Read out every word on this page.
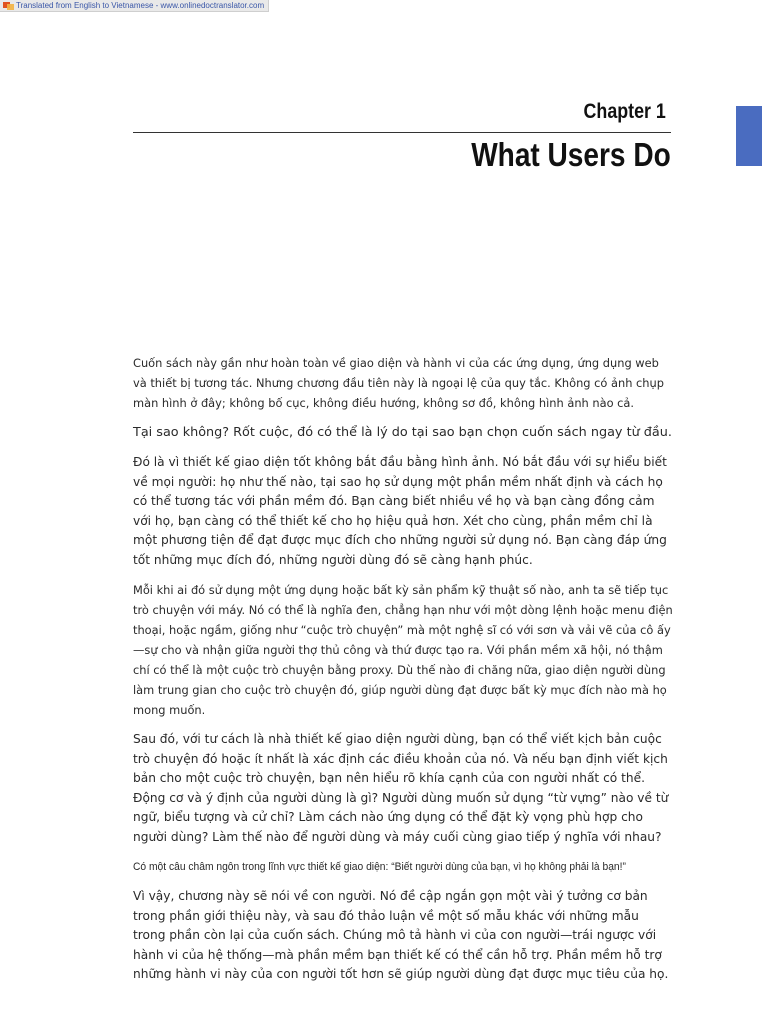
Translated from English to Vietnamese - www.onlinedoctranslator.com
Chapter 1
What Users Do

Cuốn sách này gần như hoàn toàn về giao diện và hành vi của các ứng dụng, ứng dụng web và thiết bị tương tác. Nhưng chương đầu tiên này là ngoại lệ của quy tắc. Không có ảnh chụp màn hình ở đây; không bố cục, không điều hướng, không sơ đồ, không hình ảnh nào cả.

Tại sao không? Rốt cuộc, đó có thể là lý do tại sao bạn chọn cuốn sách ngay từ đầu.

Đó là vì thiết kế giao diện tốt không bắt đầu bằng hình ảnh. Nó bắt đầu với sự hiểu biết về mọi người: họ như thế nào, tại sao họ sử dụng một phần mềm nhất định và cách họ có thể tương tác với phần mềm đó. Bạn càng biết nhiều về họ và bạn càng đồng cảm với họ, bạn càng có thể thiết kế cho họ hiệu quả hơn. Xét cho cùng, phần mềm chỉ là một phương tiện để đạt được mục đích cho những người sử dụng nó. Bạn càng đáp ứng tốt những mục đích đó, những người dùng đó sẽ càng hạnh phúc.

Mỗi khi ai đó sử dụng một ứng dụng hoặc bất kỳ sản phẩm kỹ thuật số nào, anh ta sẽ tiếp tục trò chuyện với máy. Nó có thể là nghĩa đen, chẳng hạn như với một dòng lệnh hoặc menu điện thoại, hoặc ngầm, giống như “cuộc trò chuyện” mà một nghệ sĩ có với sơn và vải vẽ của cô ấy—sự cho và nhận giữa người thợ thủ công và thứ được tạo ra. Với phần mềm xã hội, nó thậm chí có thể là một cuộc trò chuyện bằng proxy. Dù thế nào đi chăng nữa, giao diện người dùng làm trung gian cho cuộc trò chuyện đó, giúp người dùng đạt được bất kỳ mục đích nào mà họ mong muốn.

Sau đó, với tư cách là nhà thiết kế giao diện người dùng, bạn có thể viết kịch bản cuộc trò chuyện đó hoặc ít nhất là xác định các điều khoản của nó. Và nếu bạn định viết kịch bản cho một cuộc trò chuyện, bạn nên hiểu rõ khía cạnh của con người nhất có thể. Động cơ và ý định của người dùng là gì? Người dùng muốn sử dụng “từ vựng” nào về từ ngữ, biểu tượng và cử chỉ? Làm cách nào ứng dụng có thể đặt kỳ vọng phù hợp cho người dùng? Làm thế nào để người dùng và máy cuối cùng giao tiếp ý nghĩa với nhau?

Có một câu châm ngôn trong lĩnh vực thiết kế giao diện: “Biết người dùng của bạn, vì họ không phải là bạn!”

Vì vậy, chương này sẽ nói về con người. Nó đề cập ngắn gọn một vài ý tưởng cơ bản trong phần giới thiệu này, và sau đó thảo luận về một số mẫu khác với những mẫu trong phần còn lại của cuốn sách. Chúng mô tả hành vi của con người—trái ngược với hành vi của hệ thống—mà phần mềm bạn thiết kế có thể cần hỗ trợ. Phần mềm hỗ trợ những hành vi này của con người tốt hơn sẽ giúp người dùng đạt được mục tiêu của họ.
